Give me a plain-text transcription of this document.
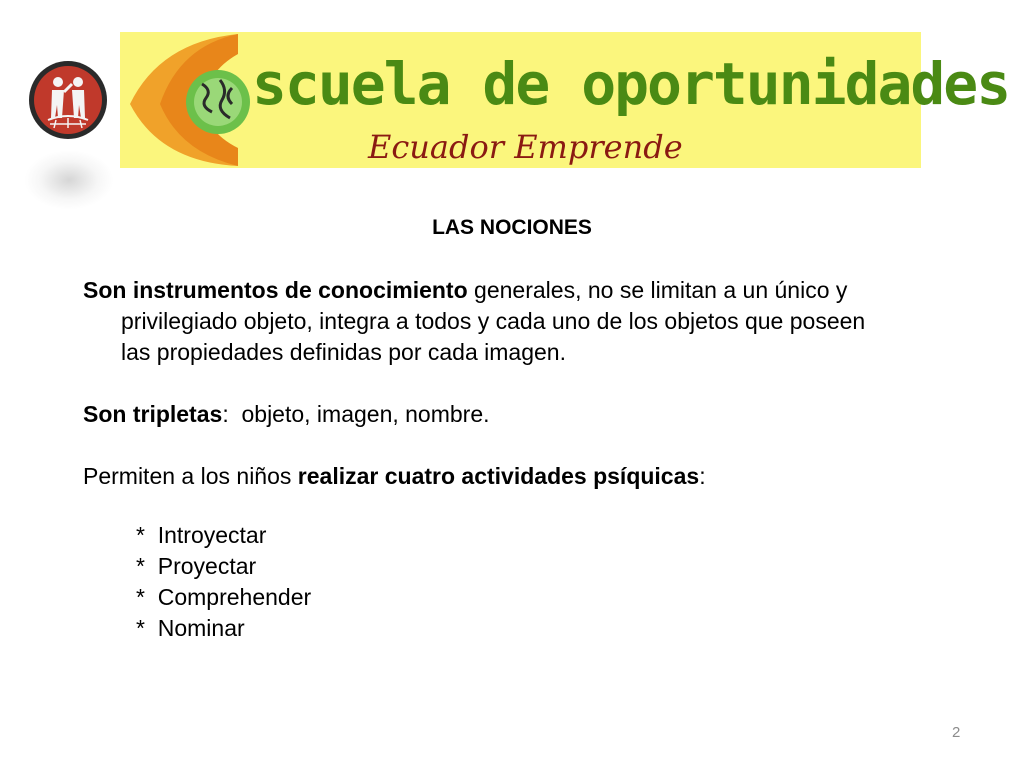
scuela de oportunidades
Ecuador Emprende
LAS NOCIONES
Son instrumentos de conocimiento generales, no se limitan a un único y
privilegiado objeto, integra a todos y cada uno de los objetos que poseen
las propiedades definidas por cada imagen.
Son tripletas:  objeto, imagen, nombre.
Permiten a los niños realizar cuatro actividades psíquicas:
*  Introyectar
*  Proyectar
*  Comprehender
*  Nominar
2
